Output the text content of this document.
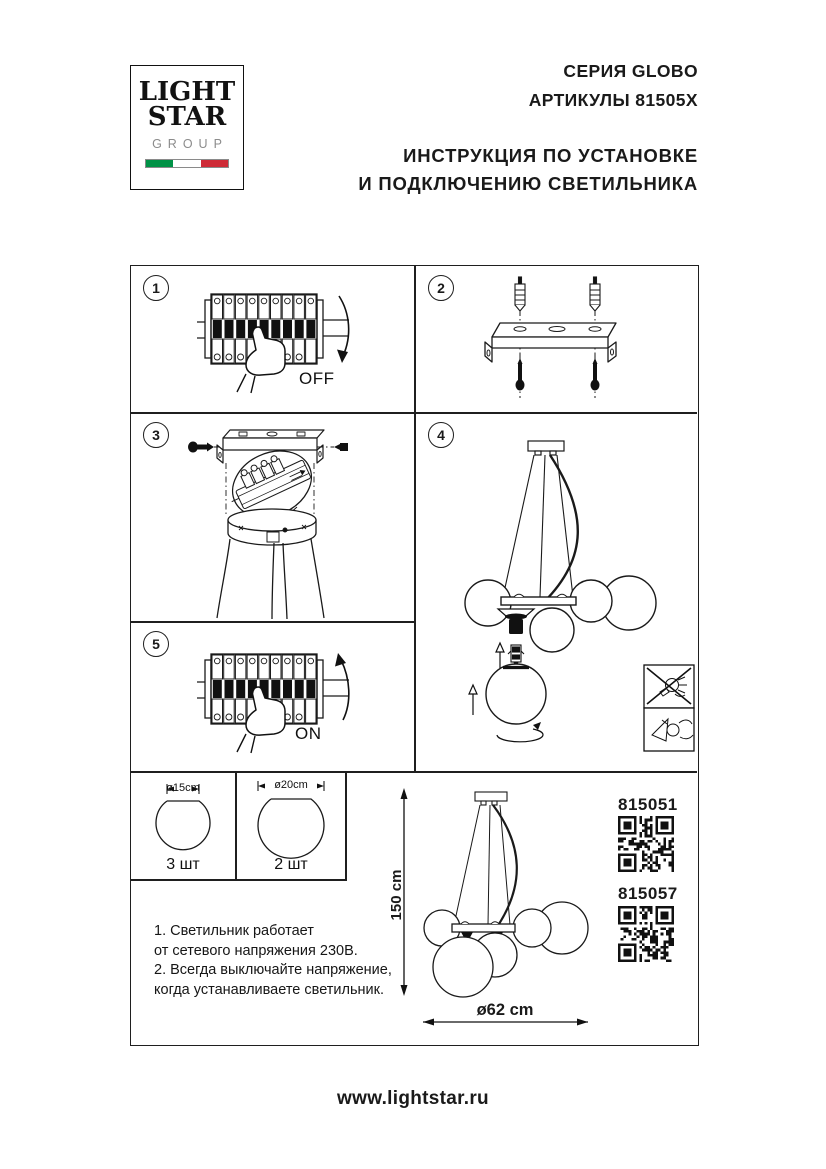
LIGHT
STAR
GROUP
СЕРИЯ GLOBO
АРТИКУЛЫ 81505X
ИНСТРУКЦИЯ ПО УСТАНОВКЕ
И ПОДКЛЮЧЕНИЮ СВЕТИЛЬНИКА
1
OFF
2
3	4
5
ON
ø15cm
3 шт
ø20cm
2 шт
150 cm
ø62 cm
815051
815057
1. Светильник работает
от сетевого напряжения 230В.
2. Всегда выключайте напряжение,
когда устанавливаете светильник.
www.lightstar.ru
